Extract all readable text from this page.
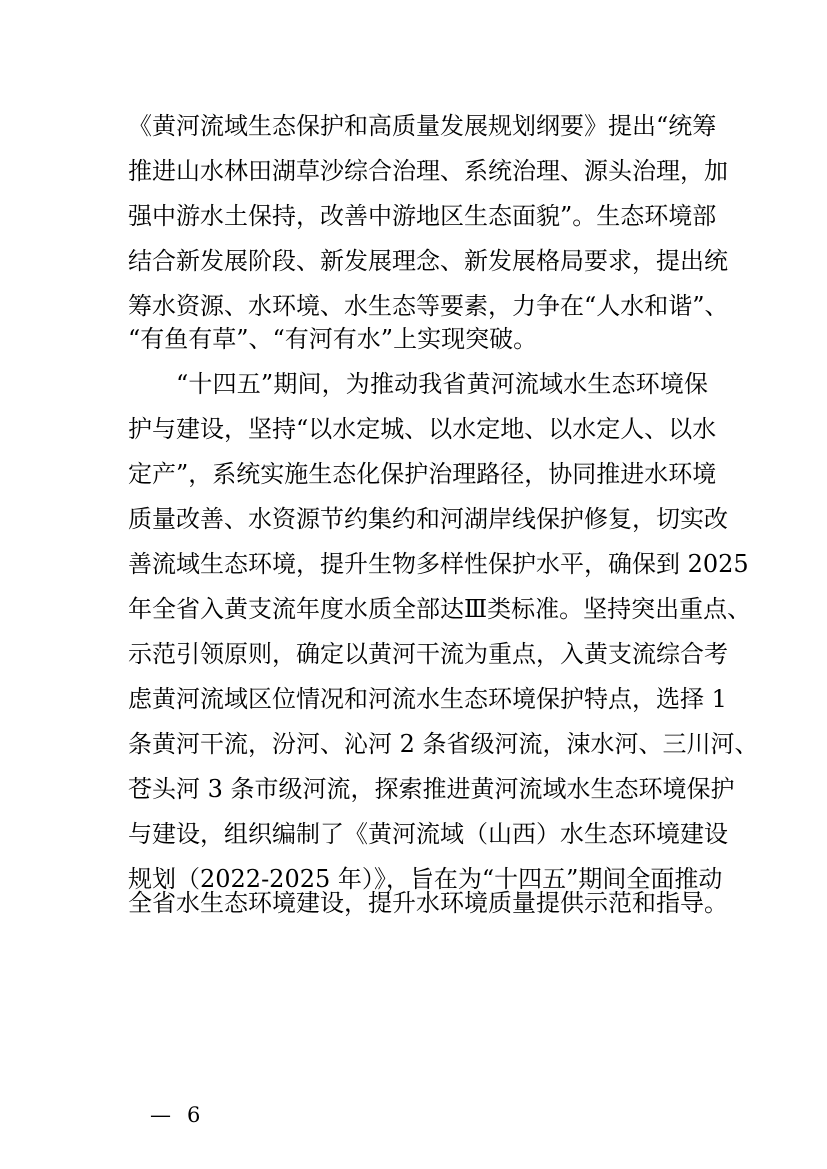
《黄河流域生态保护和高质量发展规划纲要》提出“统筹
推进山水林田湖草沙综合治理、系统治理、源头治理，加
强中游水土保持，改善中游地区生态面貌”。生态环境部
结合新发展阶段、新发展理念、新发展格局要求，提出统
筹水资源、水环境、水生态等要素，力争在“人水和谐”、
“有鱼有草”、“有河有水”上实现突破。
“十四五”期间，为推动我省黄河流域水生态环境保
护与建设，坚持“以水定城、以水定地、以水定人、以水
定产”，系统实施生态化保护治理路径，协同推进水环境
质量改善、水资源节约集约和河湖岸线保护修复，切实改
善流域生态环境，提升生物多样性保护水平，确保到 2025
年全省入黄支流年度水质全部达Ⅲ类标准。坚持突出重点、
示范引领原则，确定以黄河干流为重点，入黄支流综合考
虑黄河流域区位情况和河流水生态环境保护特点，选择 1
条黄河干流，汾河、沁河 2 条省级河流，涑水河、三川河、
苍头河 3 条市级河流，探索推进黄河流域水生态环境保护
与建设，组织编制了《黄河流域（山西）水生态环境建设
规划（2022-2025 年）》，旨在为“十四五”期间全面推动
全省水生态环境建设，提升水环境质量提供示范和指导。
— 6
